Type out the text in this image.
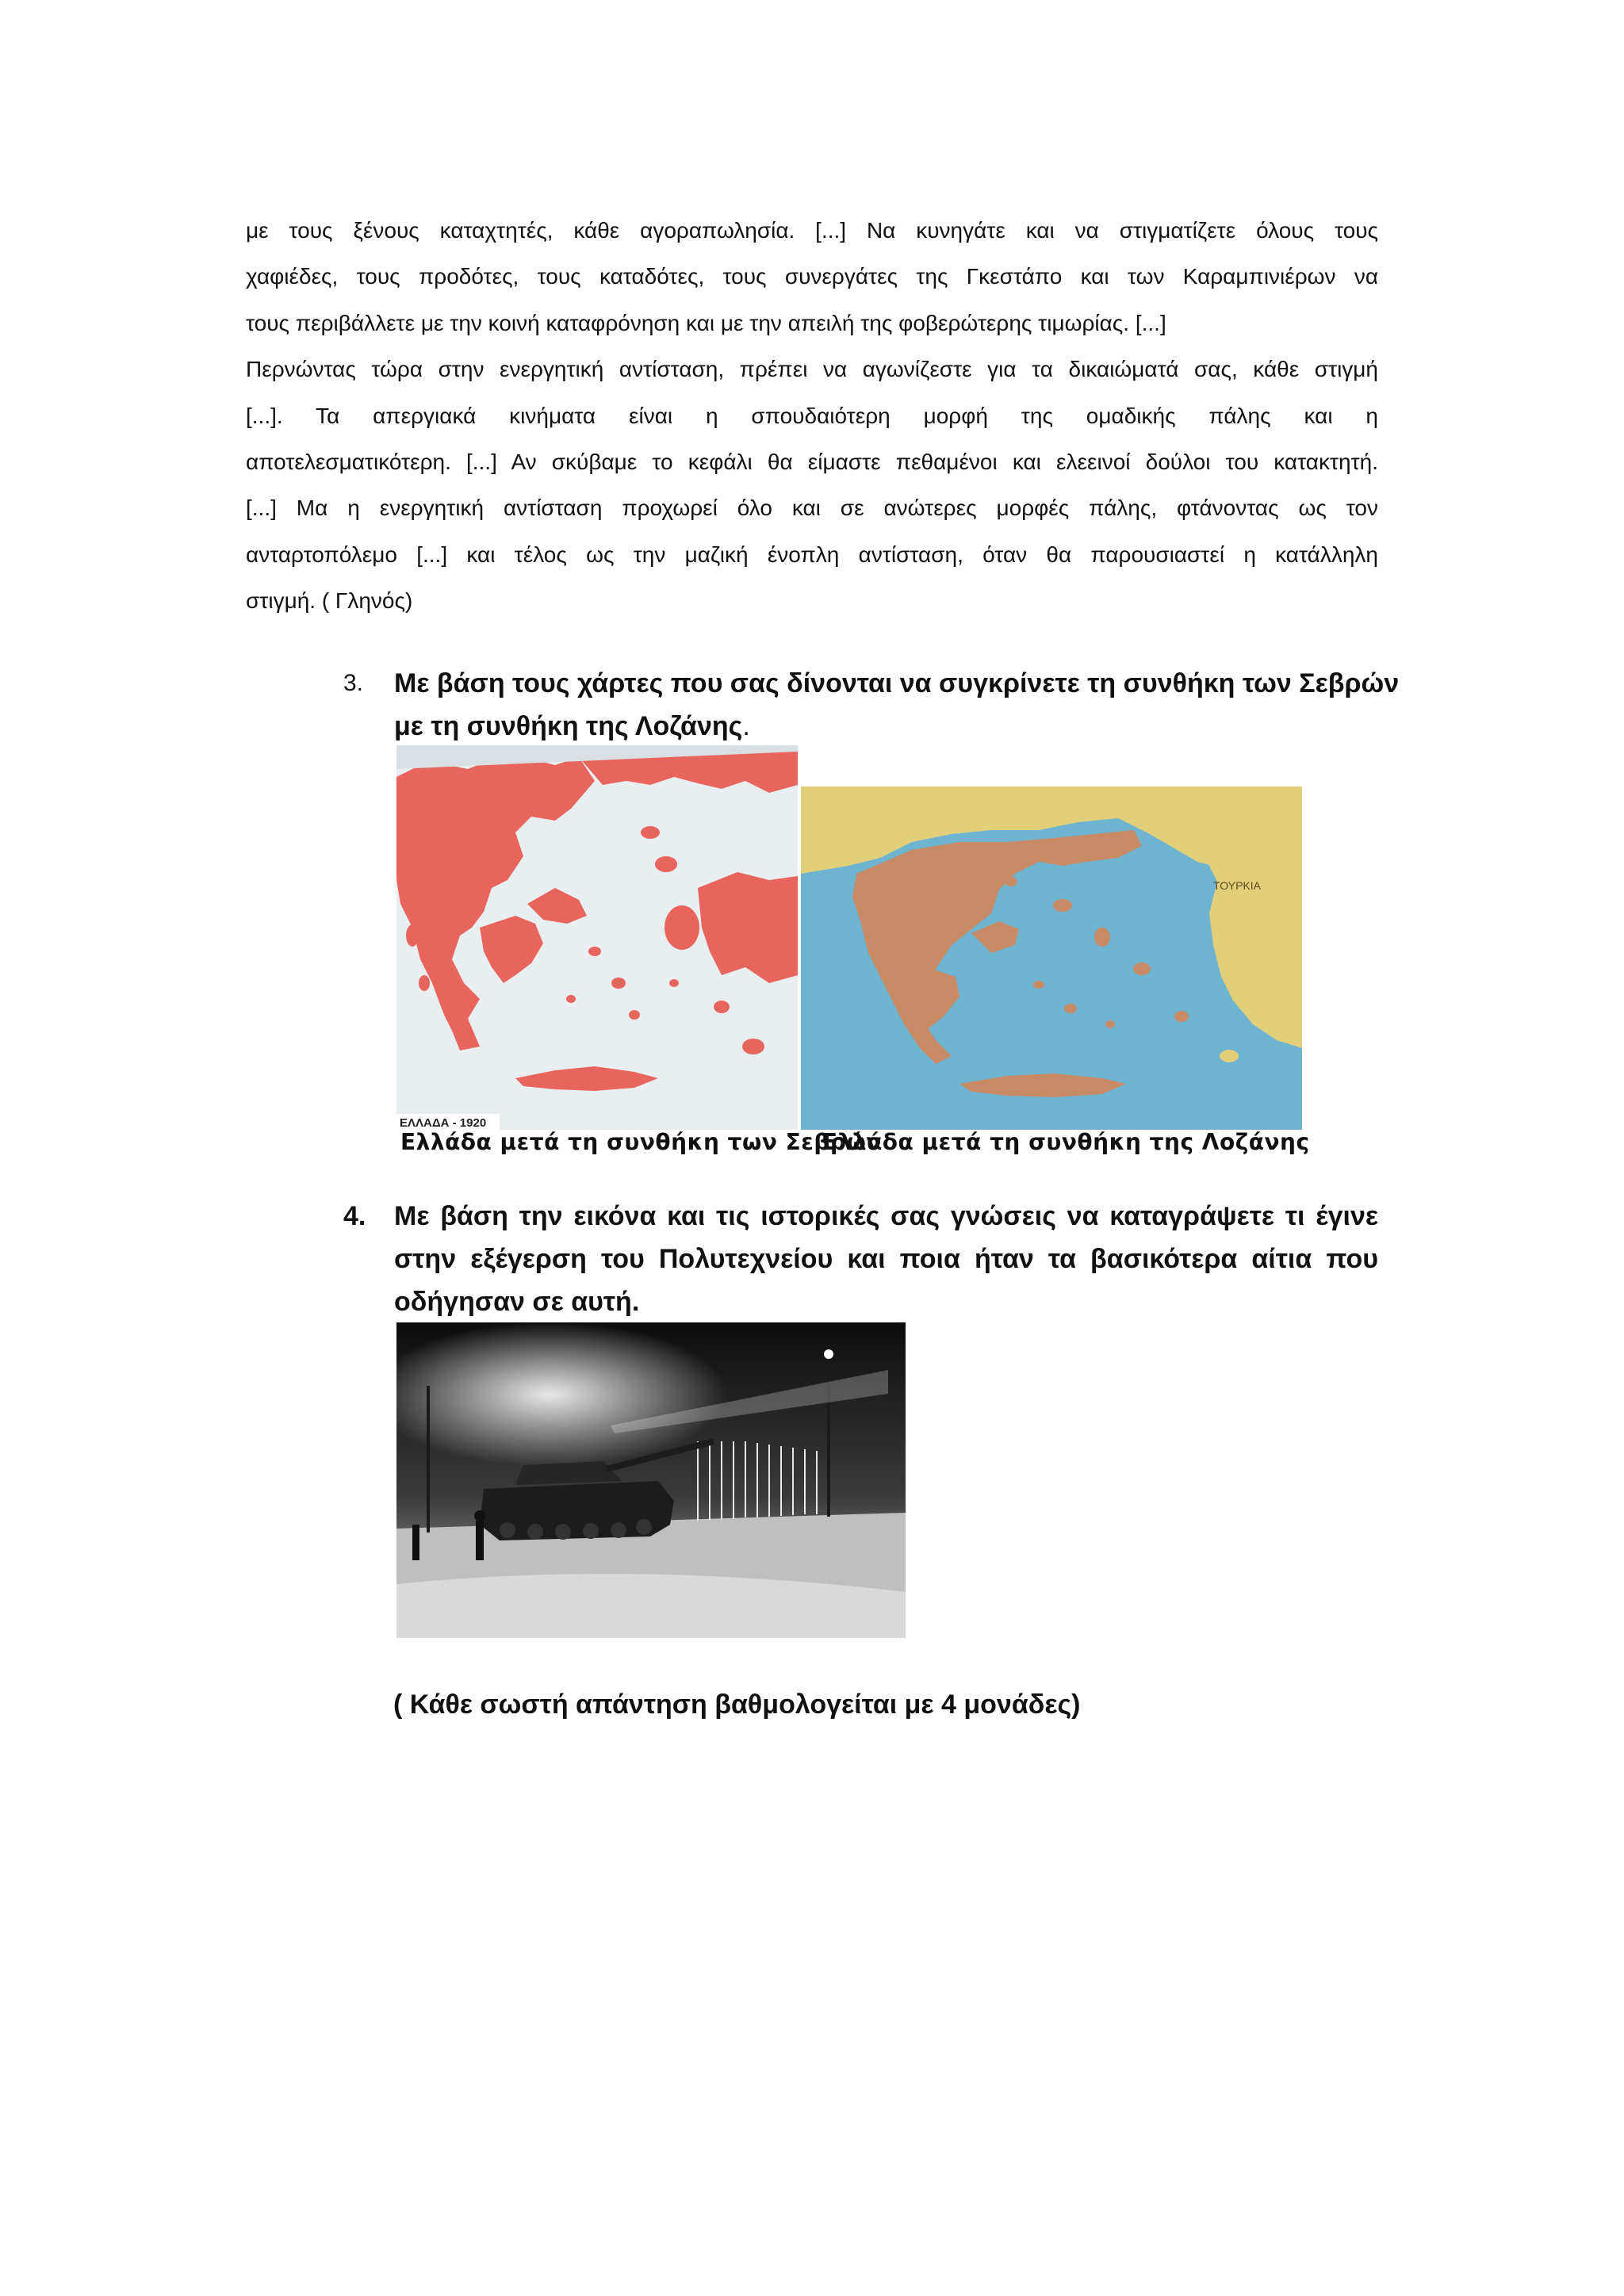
με τους ξένους καταχτητές, κάθε αγοραπωλησία. [...] Να κυνηγάτε και να στιγματίζετε όλους τους
χαφιέδες, τους προδότες, τους καταδότες, τους συνεργάτες της Γκεστάπο και των Καραμπινιέρων να
τους περιβάλλετε με την κοινή καταφρόνηση και με την απειλή της φοβερώτερης τιμωρίας. [...]
Περνώντας τώρα στην ενεργητική αντίσταση, πρέπει να αγωνίζεστε για τα δικαιώματά σας, κάθε στιγμή
[...]. Τα απεργιακά κινήματα είναι η σπουδαιότερη μορφή της ομαδικής πάλης και η
αποτελεσματικότερη. [...] Αν σκύβαμε το κεφάλι θα είμαστε πεθαμένοι και ελεεινοί δούλοι του κατακτητή.
[...] Μα η ενεργητική αντίσταση προχωρεί όλο και σε ανώτερες μορφές πάλης, φτάνοντας ως τον
ανταρτοπόλεμο [...] και τέλος ως την μαζική ένοπλη αντίσταση, όταν θα παρουσιαστεί η κατάλληλη
στιγμή. ( Γληνός)
3. Με βάση τους χάρτες που σας δίνονται να συγκρίνετε τη συνθήκη των Σεβρών
με τη συνθήκη της Λοζάνης.
ΕΛΛΑΔΑ - 1920
ΤΟΥΡΚΙΑ
Ελλάδα μετά τη συνθήκη των Σεβρών
Ελλάδα μετά τη συνθήκη της Λοζάνης
4. Με βάση την εικόνα και τις ιστορικές σας γνώσεις να καταγράψετε τι έγινε
στην εξέγερση του Πολυτεχνείου και ποια ήταν τα βασικότερα αίτια που
οδήγησαν σε αυτή.
( Κάθε σωστή απάντηση βαθμολογείται με 4 μονάδες)
